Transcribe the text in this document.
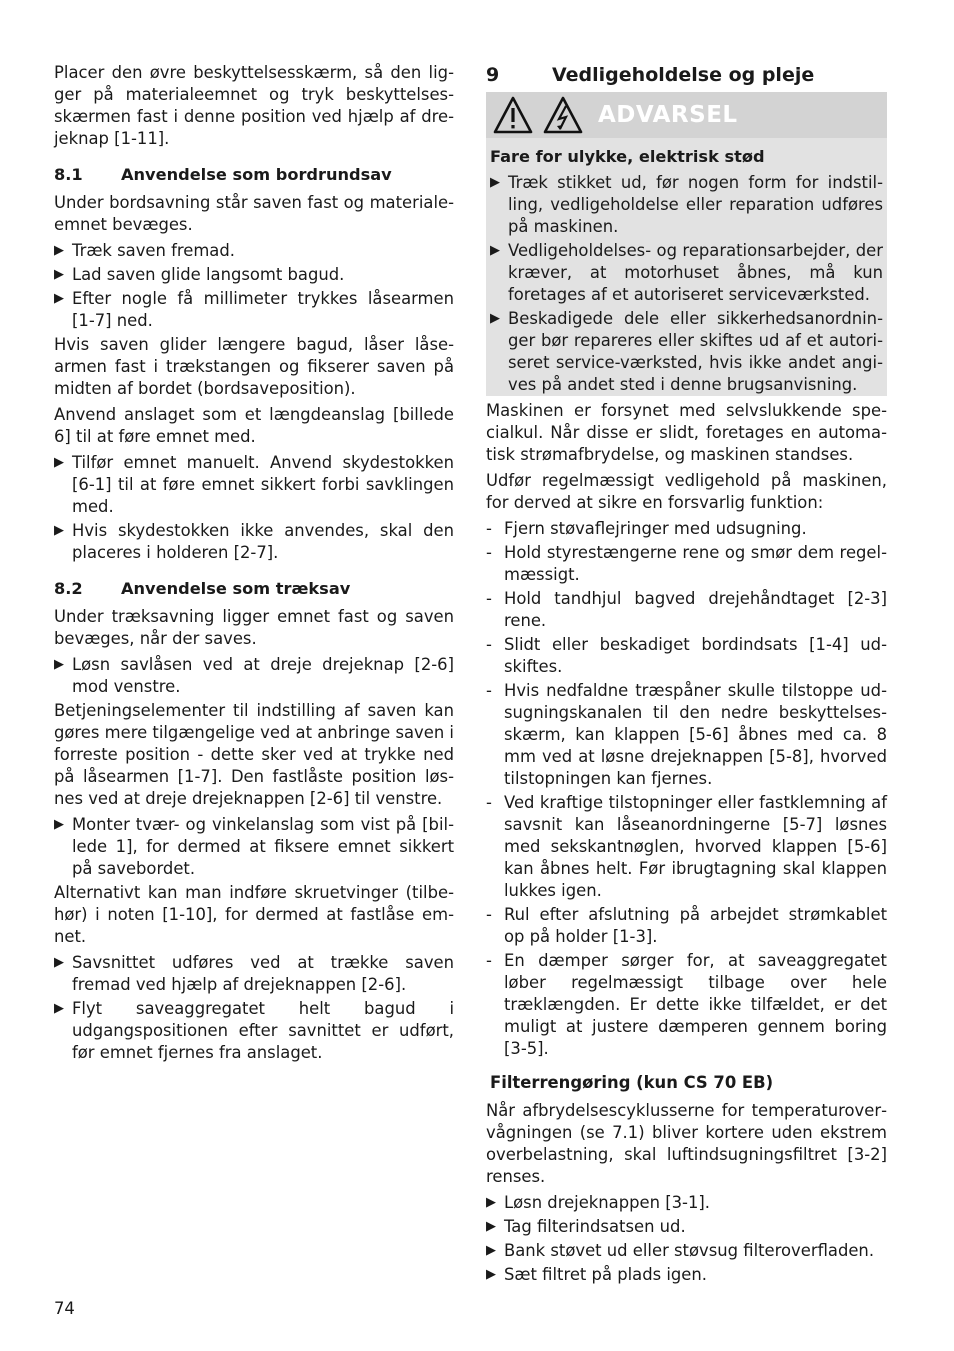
Placer den øvre beskyttelsesskærm, så den ligger på materialeemnet og tryk beskyttelsesskærmen fast i denne position ved hjælp af drejeknap [1-11].

8.1	Anvendelse som bordrundsav

Under bordsavning står saven fast og materialeemnet bevæges.

▶ Træk saven fremad.
▶ Lad saven glide langsomt bagud.
▶ Efter nogle få millimeter trykkes låsearmen [1-7] ned.

Hvis saven glider længere bagud, låser låsearmen fast i trækstangen og fikserer saven på midten af bordet (bordsaveposition).

Anvend anslaget som et længdeanslag [billede 6] til at føre emnet med.

▶ Tilfør emnet manuelt. Anvend skydestokken [6-1] til at føre emnet sikkert forbi savklingen med.
▶ Hvis skydestokken ikke anvendes, skal den placeres i holderen [2-7].
8.2	Anvendelse som træksav

Under træksavning ligger emnet fast og saven bevæges, når der saves.

▶ Løsn savlåsen ved at dreje drejeknap [2-6] mod venstre.

Betjeningselementer til indstilling af saven kan gøres mere tilgængelige ved at anbringe saven i forreste position - dette sker ved at trykke ned på låsearmen [1-7]. Den fastlåste position løsnes ved at dreje drejeknappen [2-6] til venstre.

▶ Monter tvær- og vinkelanslag som vist på [billede 1], for dermed at fiksere emnet sikkert på savebordet.

Alternativt kan man indføre skruetvinger (tilbehør) i noten [1-10], for dermed at fastlåse emnet.

▶ Savsnittet udføres ved at trække saven fremad ved hjælp af drejeknappen [2-6].
▶ Flyt saveaggregatet helt bagud i udgangspositionen efter savnittet er udført, før emnet fjernes fra anslaget.
9	Vedligeholdelse og pleje
ADVARSEL
Fare for ulykke, elektrisk stød
▶ Træk stikket ud, før nogen form for indstilling, vedligeholdelse eller reparation udføres på maskinen.
▶ Vedligeholdelses- og reparationsarbejder, der kræver, at motorhuset åbnes, må kun foretages af et autoriseret serviceværksted.
▶ Beskadigede dele eller sikkerhedsanordninger bør repareres eller skiftes ud af et autoriseret service-værksted, hvis ikke andet angives på andet sted i denne brugsanvisning.

Maskinen er forsynet med selvslukkende specialkul. Når disse er slidt, foretages en automatisk strømafbrydelse, og maskinen standses.

Udfør regelmæssigt vedligehold på maskinen, for derved at sikre en forsvarlig funktion:

- Fjern støvaflejringer med udsugning.
- Hold styrestængerne rene og smør dem regelmæssigt.
- Hold tandhjul bagved drejehåndtaget [2-3] rene.
- Slidt eller beskadiget bordindsats [1-4] udskiftes.
- Hvis nedfaldne træspåner skulle tilstoppe udsugningskanalen til den nedre beskyttelsesskærm, kan klappen [5-6] åbnes med ca. 8 mm ved at løsne drejeknappen [5-8], hvorved tilstopningen kan fjernes.
- Ved kraftige tilstopninger eller fastklemning af savsnit kan låseanordningerne [5-7] løsnes med sekskantnøglen, hvorved klappen [5-6] kan åbnes helt. Før ibrugtagning skal klappen lukkes igen.
- Rul efter afslutning på arbejdet strømkablet op på holder [1-3].
- En dæmper sørger for, at saveaggregatet løber regelmæssigt tilbage over hele træklængden. Er dette ikke tilfældet, er det muligt at justere dæmperen gennem boring [3-5].
Filterrengøring (kun CS 70 EB)

Når afbrydelsescyklusserne for temperaturovervågningen (se 7.1) bliver kortere uden ekstrem overbelastning, skal luftindsugningsfiltret [3-2] renses.

▶ Løsn drejeknappen [3-1].
▶ Tag filterindsatsen ud.
▶ Bank støvet ud eller støvsug filteroverfladen.
▶ Sæt filtret på plads igen.
74
